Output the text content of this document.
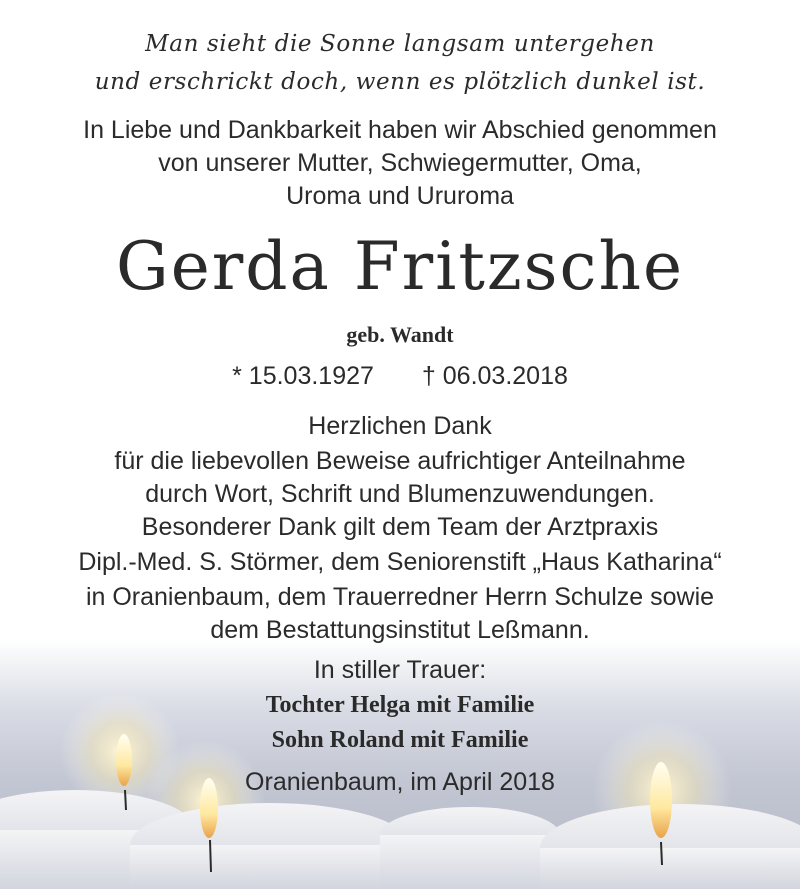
Man sieht die Sonne langsam untergehen
und erschrickt doch, wenn es plötzlich dunkel ist.
In Liebe und Dankbarkeit haben wir Abschied genommen
von unserer Mutter, Schwiegermutter, Oma,
Uroma und Ururoma
Gerda Fritzsche
geb. Wandt
* 15.03.1927 † 06.03.2018
Herzlichen Dank
für die liebevollen Beweise aufrichtiger Anteilnahme
durch Wort, Schrift und Blumenzuwendungen.
Besonderer Dank gilt dem Team der Arztpraxis
Dipl.-Med. S. Störmer, dem Seniorenstift „Haus Katharina“
in Oranienbaum, dem Trauerredner Herrn Schulze sowie
dem Bestattungsinstitut Leßmann.
In stiller Trauer:
Tochter Helga mit Familie
Sohn Roland mit Familie
Oranienbaum, im April 2018
